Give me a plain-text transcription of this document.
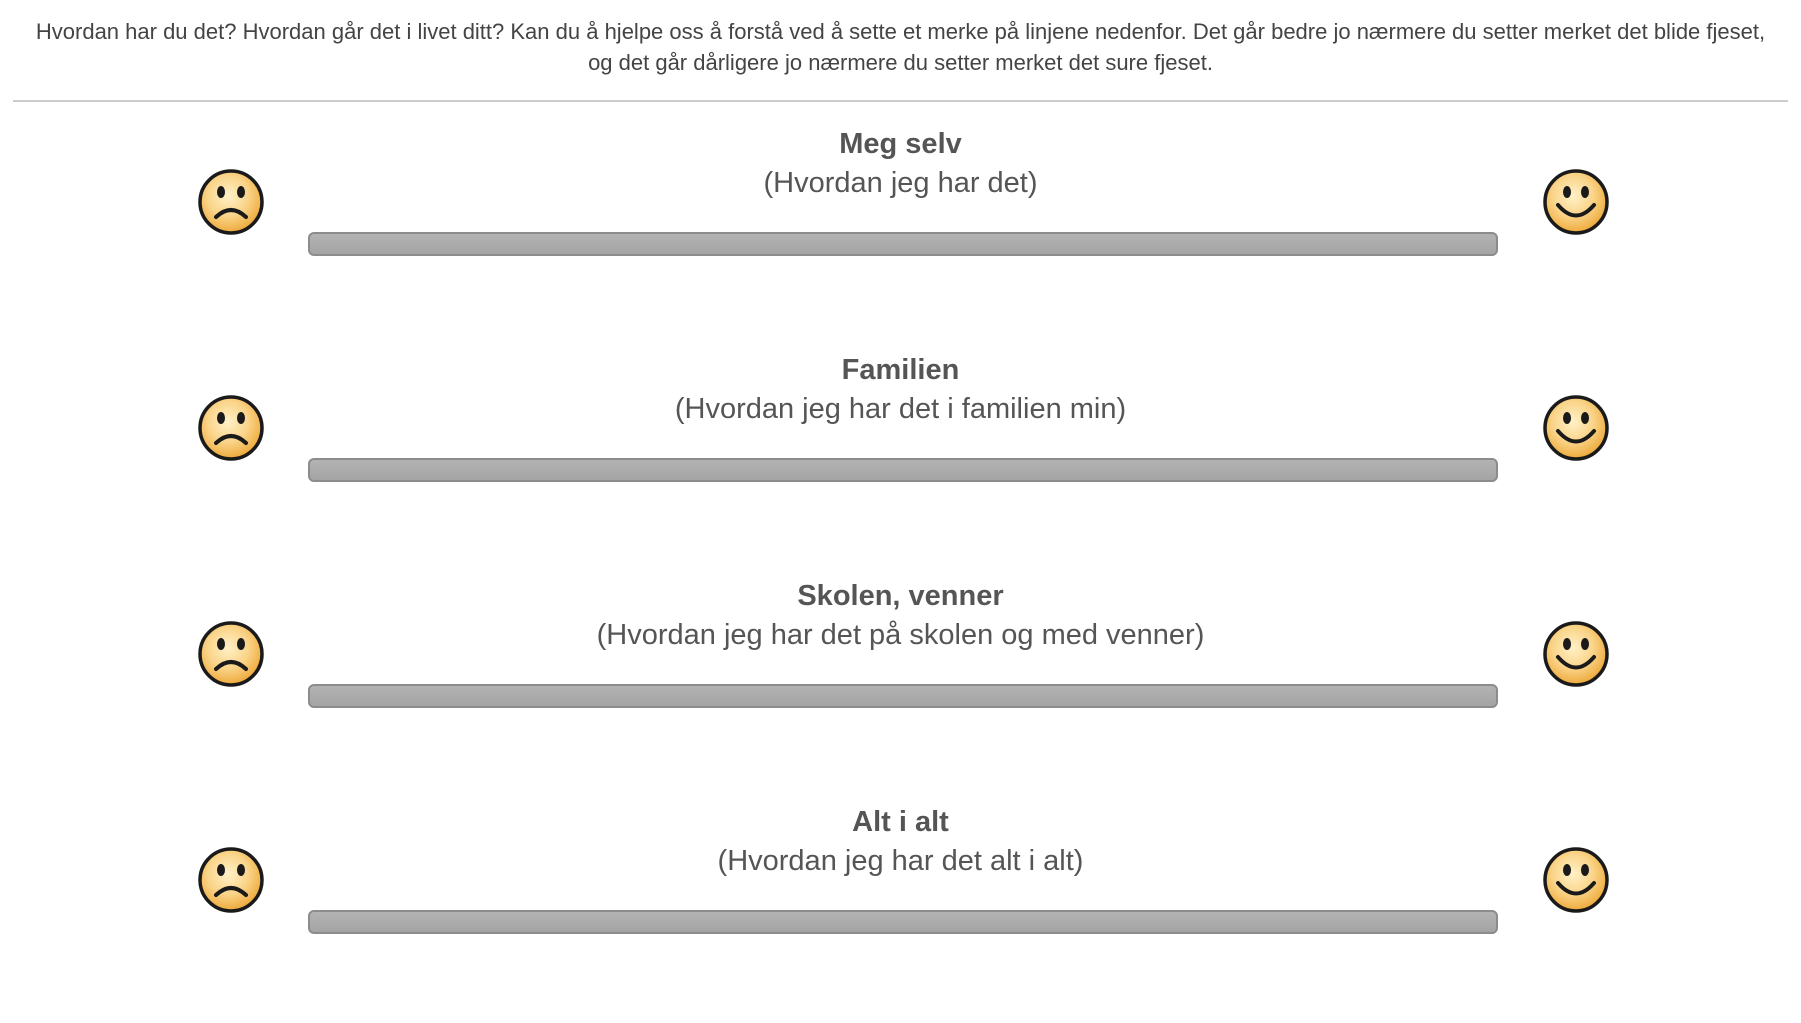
Hvordan har du det? Hvordan går det i livet ditt? Kan du å hjelpe oss å forstå ved å sette et merke på linjene nedenfor. Det går bedre jo nærmere du setter merket det blide fjeset,
og det går dårligere jo nærmere du setter merket det sure fjeset.
Meg selv
(Hvordan jeg har det)
Familien
(Hvordan jeg har det i familien min)
Skolen, venner
(Hvordan jeg har det på skolen og med venner)
Alt i alt
(Hvordan jeg har det alt i alt)
